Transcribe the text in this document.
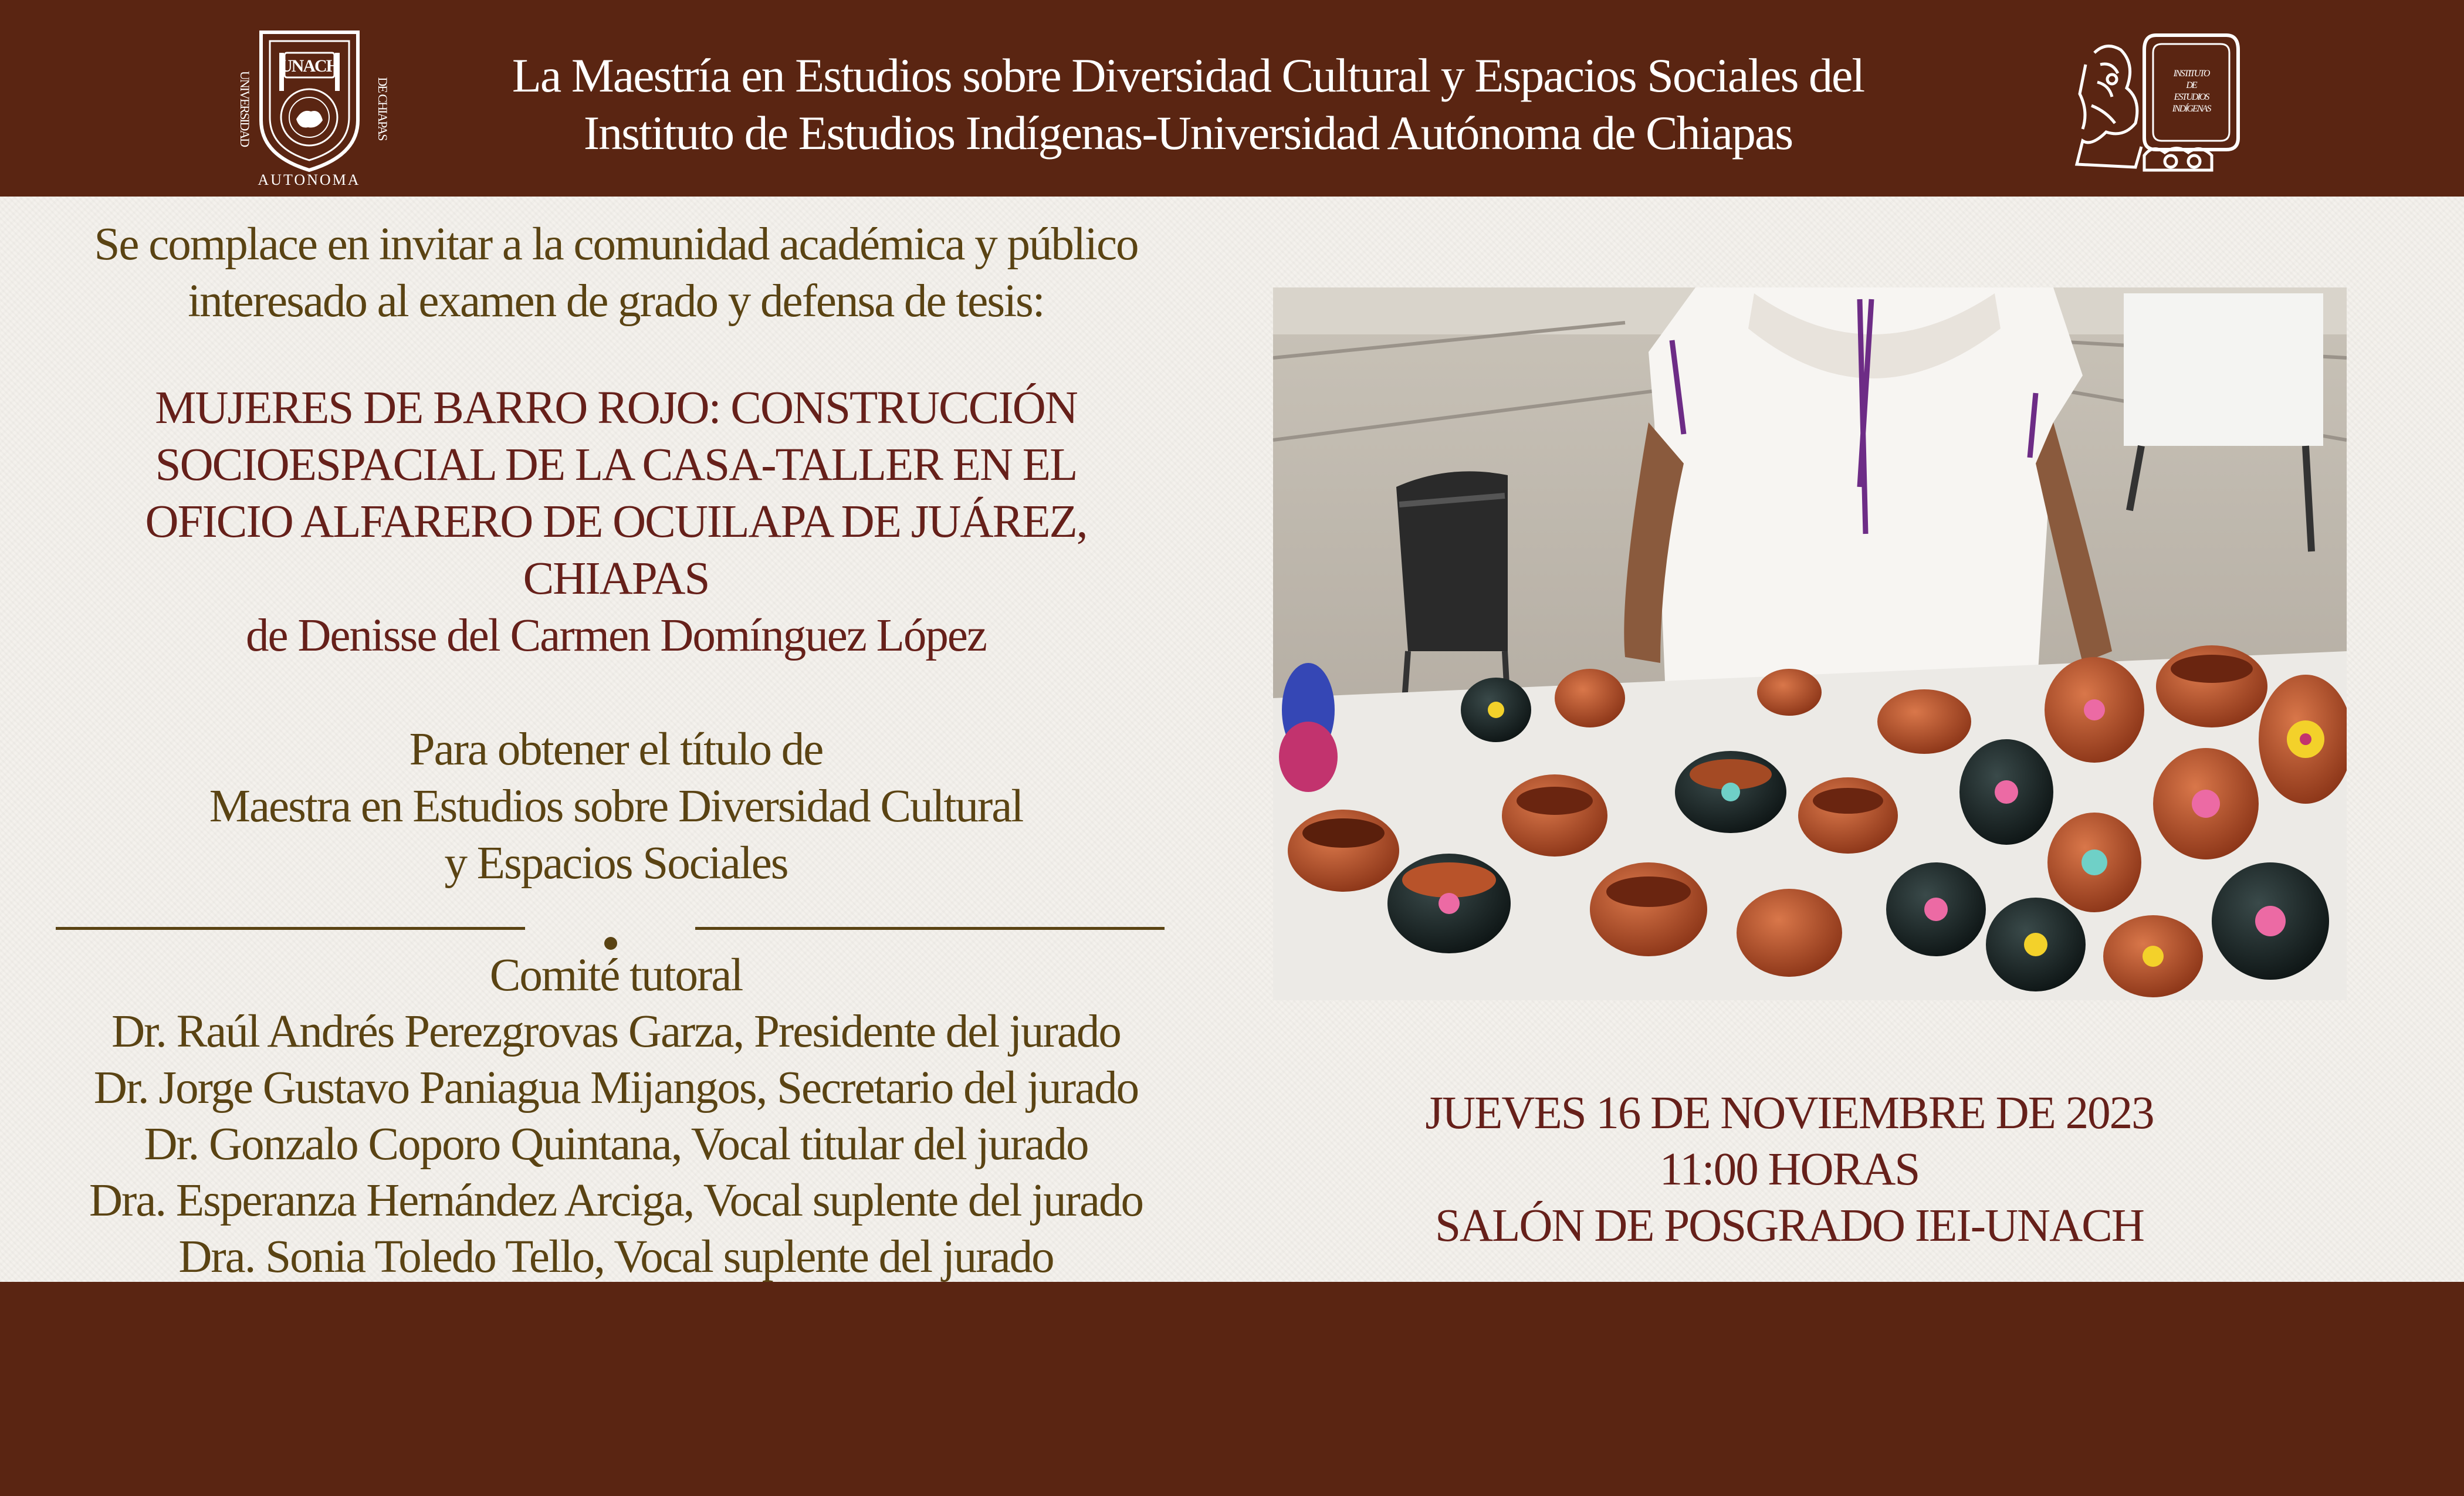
UNIVERSIDAD	DE CHIAPAS
UNACH
AUTONOMA
La Maestría en Estudios sobre Diversidad Cultural y Espacios Sociales del
Instituto de Estudios Indígenas-Universidad Autónoma de Chiapas
INSTITUTO
DE
ESTUDIOS
INDÍGENAS
Se complace en invitar a la comunidad académica y público
interesado al examen de grado y defensa de tesis:
MUJERES DE BARRO ROJO: CONSTRUCCIÓN
SOCIOESPACIAL DE LA CASA-TALLER EN EL
OFICIO ALFARERO DE OCUILAPA DE JUÁREZ,
CHIAPAS
de Denisse del Carmen Domínguez López
Para obtener el título de
Maestra en Estudios sobre Diversidad Cultural
y Espacios Sociales
Comité tutoral
Dr. Raúl Andrés Perezgrovas Garza, Presidente del jurado
Dr. Jorge Gustavo Paniagua Mijangos, Secretario del jurado
Dr. Gonzalo Coporo Quintana, Vocal titular del jurado
Dra. Esperanza Hernández Arciga, Vocal suplente del jurado
Dra. Sonia Toledo Tello, Vocal suplente del jurado
JUEVES 16 DE NOVIEMBRE DE 2023
11:00 HORAS
SALÓN DE POSGRADO IEI-UNACH
